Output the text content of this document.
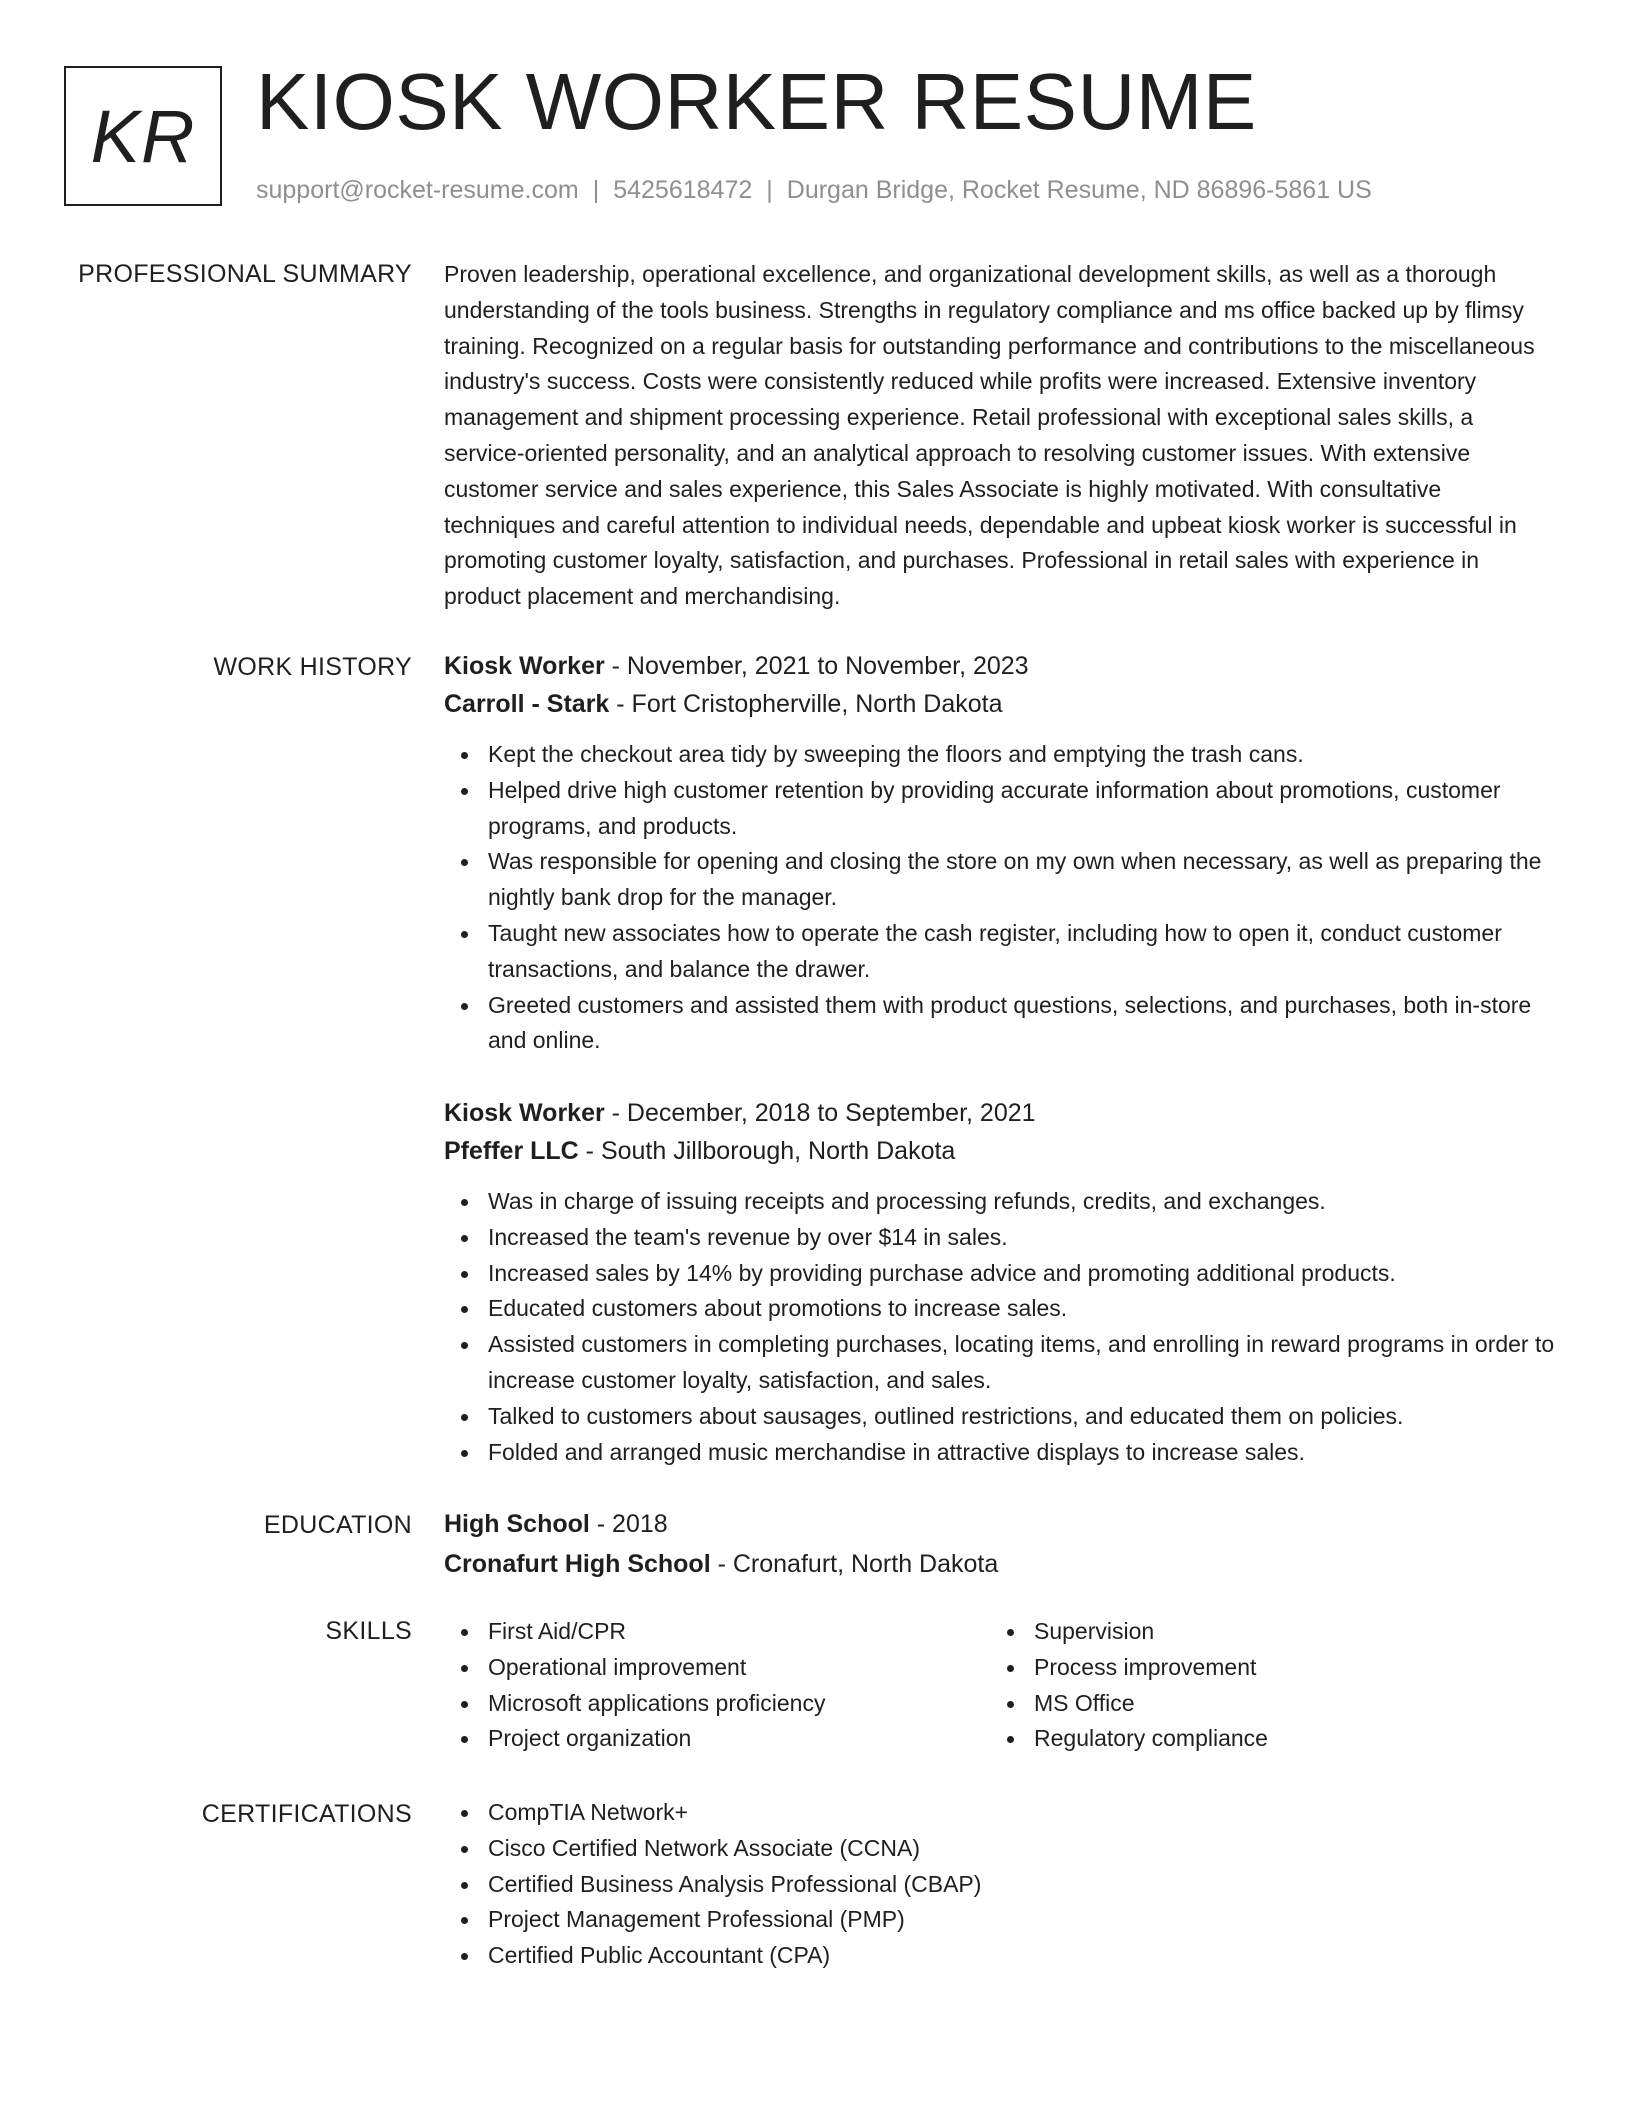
KR KIOSK WORKER RESUME
support@rocket-resume.com | 5425618472 | Durgan Bridge, Rocket Resume, ND 86896-5861 US
PROFESSIONAL SUMMARY Proven leadership, operational excellence, and organizational development skills, as well as a thorough understanding of the tools business. Strengths in regulatory compliance and ms office backed up by flimsy training. Recognized on a regular basis for outstanding performance and contributions to the miscellaneous industry's success. Costs were consistently reduced while profits were increased. Extensive inventory management and shipment processing experience. Retail professional with exceptional sales skills, a service-oriented personality, and an analytical approach to resolving customer issues. With extensive customer service and sales experience, this Sales Associate is highly motivated. With consultative techniques and careful attention to individual needs, dependable and upbeat kiosk worker is successful in promoting customer loyalty, satisfaction, and purchases. Professional in retail sales with experience in product placement and merchandising.

WORK HISTORY Kiosk Worker - November, 2021 to November, 2023
Carroll - Stark - Fort Cristopherville, North Dakota
Kept the checkout area tidy by sweeping the floors and emptying the trash cans.
Helped drive high customer retention by providing accurate information about promotions, customer programs, and products.
Was responsible for opening and closing the store on my own when necessary, as well as preparing the nightly bank drop for the manager.
Taught new associates how to operate the cash register, including how to open it, conduct customer transactions, and balance the drawer.
Greeted customers and assisted them with product questions, selections, and purchases, both in-store and online.
Kiosk Worker - December, 2018 to September, 2021
Pfeffer LLC - South Jillborough, North Dakota
Was in charge of issuing receipts and processing refunds, credits, and exchanges.
Increased the team's revenue by over $14 in sales.
Increased sales by 14% by providing purchase advice and promoting additional products.
Educated customers about promotions to increase sales.
Assisted customers in completing purchases, locating items, and enrolling in reward programs in order to increase customer loyalty, satisfaction, and sales.
Talked to customers about sausages, outlined restrictions, and educated them on policies.
Folded and arranged music merchandise in attractive displays to increase sales.
EDUCATION High School - 2018
Cronafurt High School - Cronafurt, North Dakota
SKILLS	First Aid/CPR
Operational improvement
Microsoft applications proficiency
Project organization
Supervision
Process improvement
MS Office
Regulatory compliance
CERTIFICATIONS	CompTIA Network+
Cisco Certified Network Associate (CCNA)
Certified Business Analysis Professional (CBAP)
Project Management Professional (PMP)
Certified Public Accountant (CPA)
